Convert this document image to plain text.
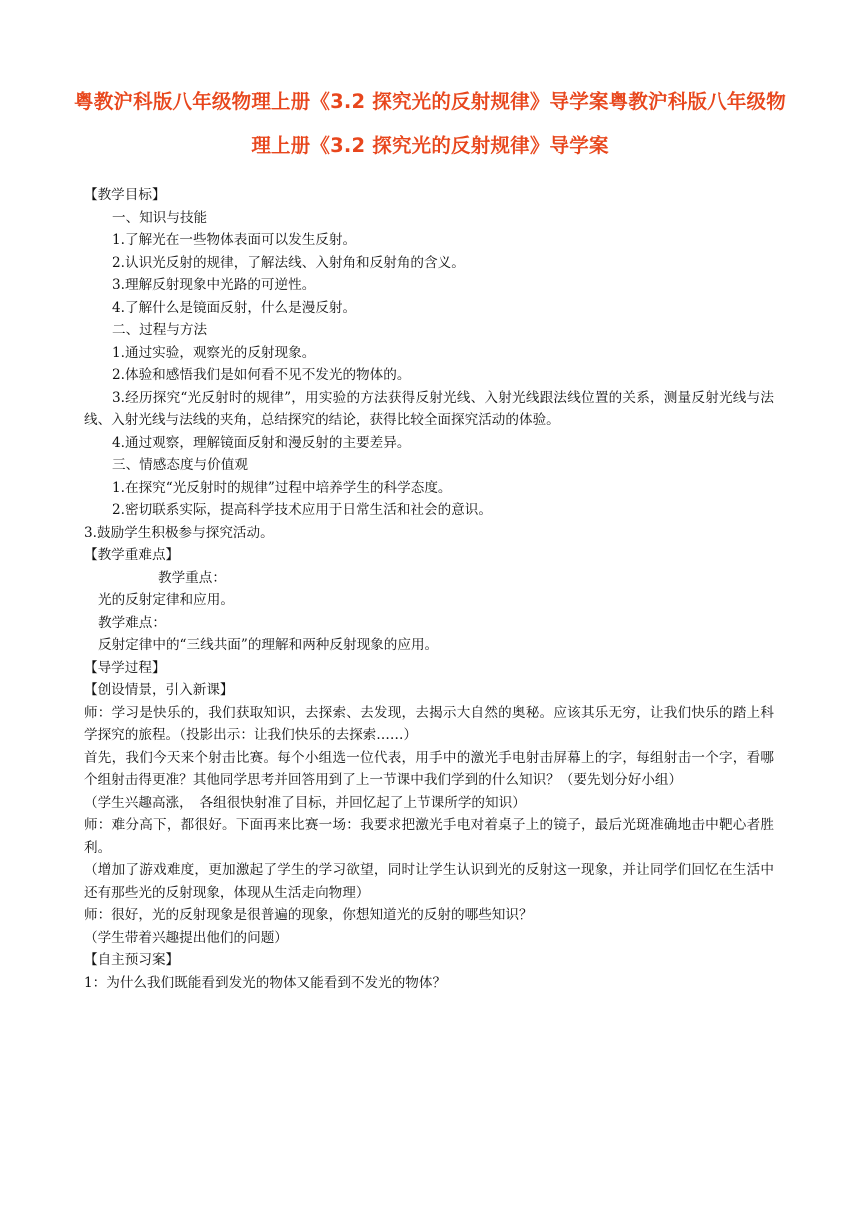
粤教沪科版八年级物理上册《3.2 探究光的反射规律》导学案粤教沪科版八年级物理上册《3.2 探究光的反射规律》导学案

【教学目标】

一、知识与技能

1.了解光在一些物体表面可以发生反射。

2.认识光反射的规律，了解法线、入射角和反射角的含义。

3.理解反射现象中光路的可逆性。

4.了解什么是镜面反射，什么是漫反射。

二、过程与方法

1.通过实验，观察光的反射现象。

2.体验和感悟我们是如何看不见不发光的物体的。

3.经历探究“光反射时的规律”，用实验的方法获得反射光线、入射光线跟法线位置的关系，测量反射光线与法线、入射光线与法线的夹角，总结探究的结论，获得比较全面探究活动的体验。

4.通过观察，理解镜面反射和漫反射的主要差异。

三、情感态度与价值观

1.在探究“光反射时的规律”过程中培养学生的科学态度。

2.密切联系实际，提高科学技术应用于日常生活和社会的意识。

3.鼓励学生积极参与探究活动。

【教学重难点】

教学重点：

光的反射定律和应用。

教学难点：

反射定律中的“三线共面”的理解和两种反射现象的应用。

【导学过程】

【创设情景，引入新课】

师：学习是快乐的，我们获取知识，去探索、去发现，去揭示大自然的奥秘。应该其乐无穷，让我们快乐的踏上科学探究的旅程。（投影出示：让我们快乐的去探索……）

首先，我们今天来个射击比赛。每个小组选一位代表，用手中的激光手电射击屏幕上的字，每组射击一个字，看哪个组射击得更准？其他同学思考并回答用到了上一节课中我们学到的什么知识？（要先划分好小组）

（学生兴趣高涨，　各组很快射准了目标，并回忆起了上节课所学的知识）

师：难分高下，都很好。下面再来比赛一场：我要求把激光手电对着桌子上的镜子，最后光斑准确地击中靶心者胜利。

（增加了游戏难度，更加激起了学生的学习欲望，同时让学生认识到光的反射这一现象，并让同学们回忆在生活中还有那些光的反射现象，体现从生活走向物理）

师：很好，光的反射现象是很普遍的现象，你想知道光的反射的哪些知识？

（学生带着兴趣提出他们的问题）

【自主预习案】

1：为什么我们既能看到发光的物体又能看到不发光的物体？
